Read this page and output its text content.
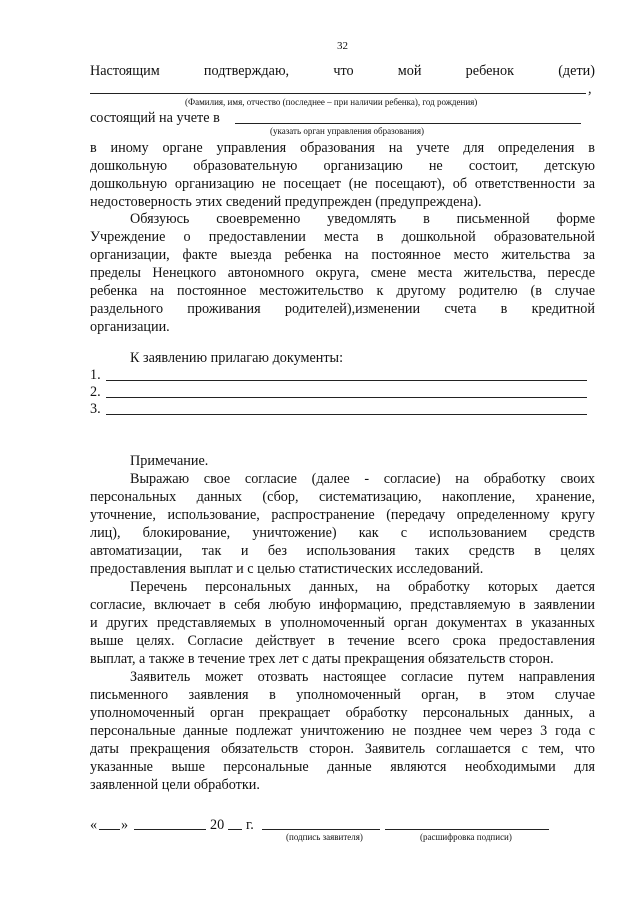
32
Настоящим	подтверждаю,	что	мой	ребенок	(дети)
,
(Фамилия, имя, отчество (последнее – при наличии ребенка), год рождения)
состоящий на учете в
(указать орган управления образования)
в иному органе управления образования на учете для определения в
дошкольную образовательную организацию не состоит, детскую
дошкольную организацию не посещает (не посещают), об ответственности за
недостоверность этих сведений предупрежден (предупреждена).
Обязуюсь своевременно уведомлять в письменной форме
Учреждение о предоставлении места в дошкольной образовательной
организации, факте выезда ребенка на постоянное место жительства за
пределы Ненецкого автономного округа, смене места жительства, пересде
ребенка на постоянное местожительство к другому родителю (в случае
раздельного проживания родителей),изменении счета в кредитной
организации.
К заявлению прилагаю документы:
1.
2.
3.
Примечание.
Выражаю свое согласие (далее - согласие) на обработку своих
персональных данных (сбор, систематизацию, накопление, хранение,
уточнение, использование, распространение (передачу определенному кругу
лиц), блокирование, уничтожение) как с использованием средств
автоматизации, так и без использования таких средств в целях
предоставления выплат и с целью статистических исследований.
Перечень персональных данных, на обработку которых дается
согласие, включает в себя любую информацию, представляемую в заявлении
и других представляемых в уполномоченный орган документах в указанных
выше целях. Согласие действует в течение всего срока предоставления
выплат, а также в течение трех лет с даты прекращения обязательств сторон.
Заявитель может отозвать настоящее согласие путем направления
письменного заявления в уполномоченный орган, в этом случае
уполномоченный орган прекращает обработку персональных данных, а
персональные данные подлежат уничтожению не позднее чем через 3 года с
даты прекращения обязательств сторон. Заявитель соглашается с тем, что
указанные выше персональные данные являются необходимыми для
заявленной цели обработки.
« »	20 г.
(подпись заявителя)	(расшифровка подписи)
